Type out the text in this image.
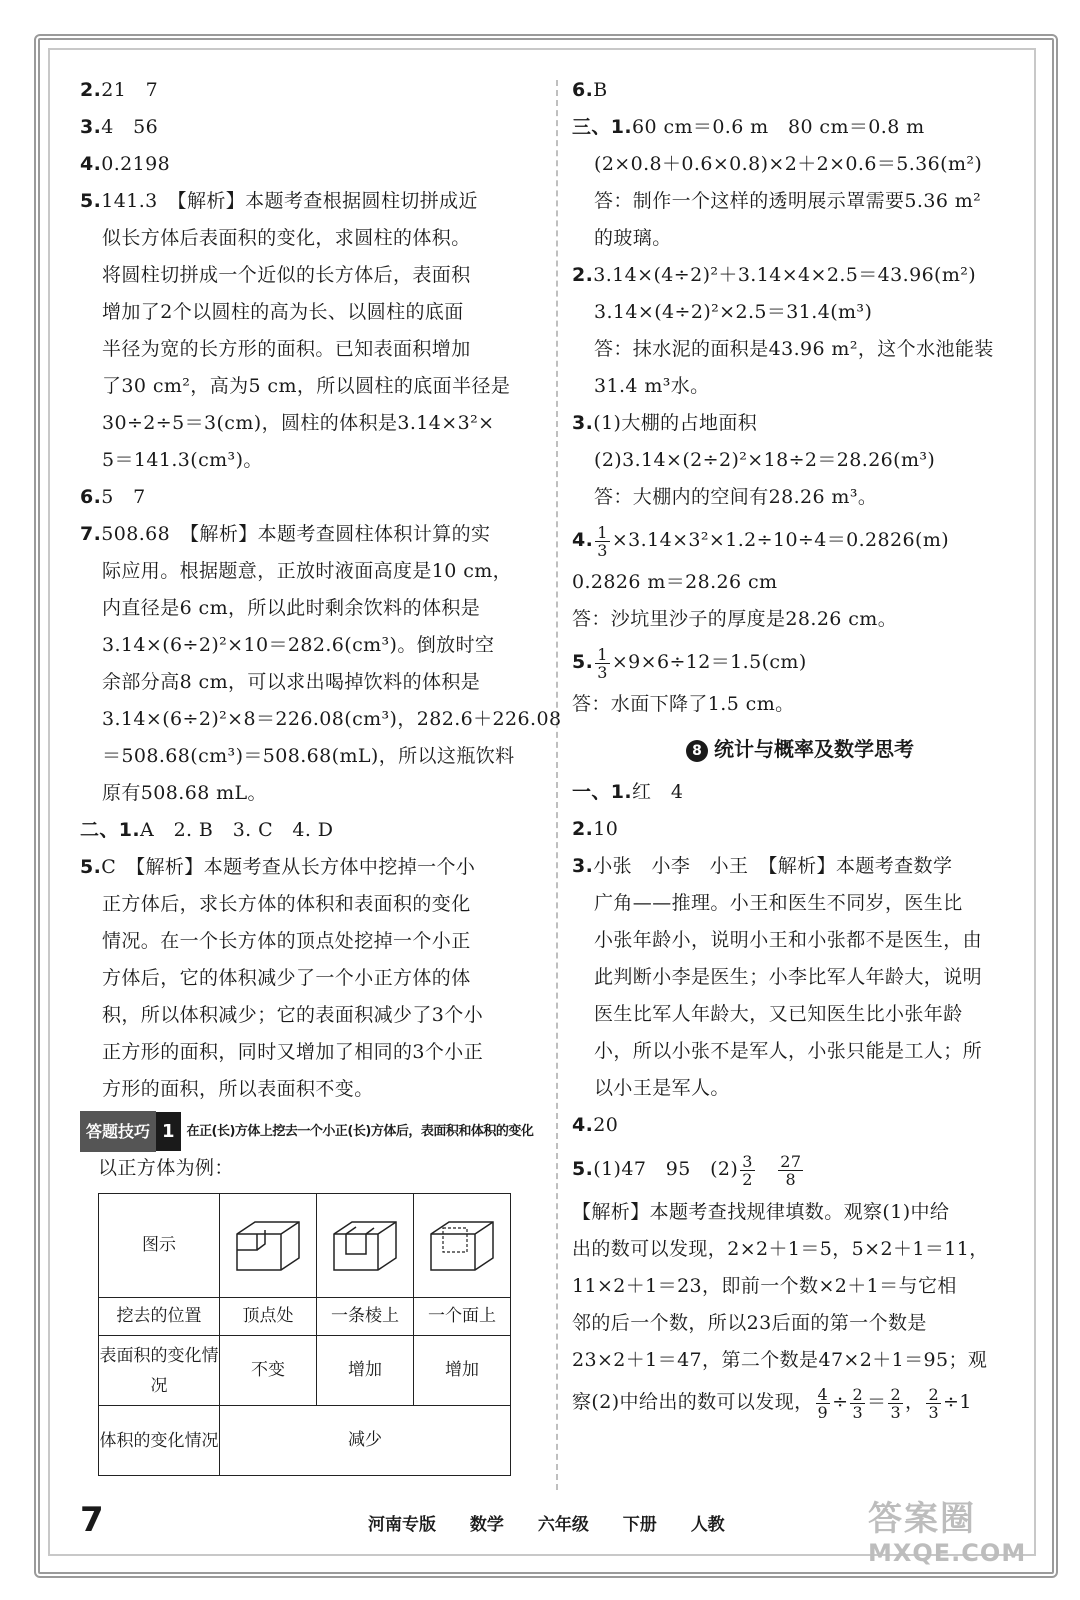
2.21　7
3.4　56
4.0.2198
5.141.3　【解析】本题考查根据圆柱切拼成近
似长方体后表面积的变化，求圆柱的体积。
将圆柱切拼成一个近似的长方体后，表面积
增加了2个以圆柱的高为长、以圆柱的底面
半径为宽的长方形的面积。已知表面积增加
了30 cm²，高为5 cm，所以圆柱的底面半径是
30÷2÷5＝3(cm)，圆柱的体积是3.14×3²×
5＝141.3(cm³)。
6.5　7
7.508.68　【解析】本题考查圆柱体积计算的实
际应用。根据题意，正放时液面高度是10 cm，
内直径是6 cm，所以此时剩余饮料的体积是
3.14×(6÷2)²×10＝282.6(cm³)。倒放时空
余部分高8 cm，可以求出喝掉饮料的体积是
3.14×(6÷2)²×8＝226.08(cm³)，282.6＋226.08
＝508.68(cm³)＝508.68(mL)，所以这瓶饮料
原有508.68 mL。
二、1.A　2. B　3. C　4. D
5.C　【解析】本题考查从长方体中挖掉一个小
正方体后，求长方体的体积和表面积的变化
情况。在一个长方体的顶点处挖掉一个小正
方体后，它的体积减少了一个小正方体的体
积，所以体积减少；它的表面积减少了3个小
正方形的面积，同时又增加了相同的3个小正
方形的面积，所以表面积不变。
答题技巧 1 在正(长)方体上挖去一个小正(长)方体后，表面积和体积的变化
以正方体为例：
图示	

挖去的位置	顶点处	一条棱上	一个面上
表面积的变化情况	不变	增加	增加
体积的变化情况	减少		
6.B
三、1.60 cm＝0.6 m　80 cm＝0.8 m
(2×0.8＋0.6×0.8)×2＋2×0.6＝5.36(m²)
答：制作一个这样的透明展示罩需要5.36 m²
的玻璃。
2.3.14×(4÷2)²＋3.14×4×2.5＝43.96(m²)
3.14×(4÷2)²×2.5＝31.4(m³)
答：抹水泥的面积是43.96 m²，这个水池能装
31.4 m³水。
3.(1)大棚的占地面积
(2)3.14×(2÷2)²×18÷2＝28.26(m³)
答：大棚内的空间有28.26 m³。
4. $\frac{1}{3} \times 3.14\times 3^2\times 1.2\div 10\div 4=0.2826(m)$
0.2826 m＝28.26 cm
答：沙坑里沙子的厚度是28.26 cm。
5. $\frac{1}{3} \times 9\times 6\div 12=1.5(cm)$
答：水面下降了1.5 cm。
8 统计与概率及数学思考
一、1.红　4
2.10
3.小张　小李　小王　【解析】本题考查数学
广角——推理。小王和医生不同岁，医生比
小张年龄小，说明小王和小张都不是医生，由
此判断小李是医生；小李比军人年龄大，说明
医生比军人年龄大，又已知医生比小张年龄
小，所以小张不是军人，小张只能是工人；所
以小王是军人。
4.20
5.(1)47　95　$(2) \frac{3}{2}$
　 $\frac{27}{8}$
【解析】本题考查找规律填数。观察(1)中给
出的数可以发现，2×2＋1＝5，5×2＋1＝11，
11×2＋1＝23，即前一个数×2＋1＝与它相
邻的后一个数，所以23后面的第一个数是
23×2＋1＝47，第二个数是47×2＋1＝95；观
察(2)中给出的数可以发现， $\frac{4}{9} \div \frac{2}{3} = \frac{2}{3}$ ， $\frac{2}{3} \div 1$
7	河南专版 数学 六年级 下册 人教	答案圈
MXQE.COM
